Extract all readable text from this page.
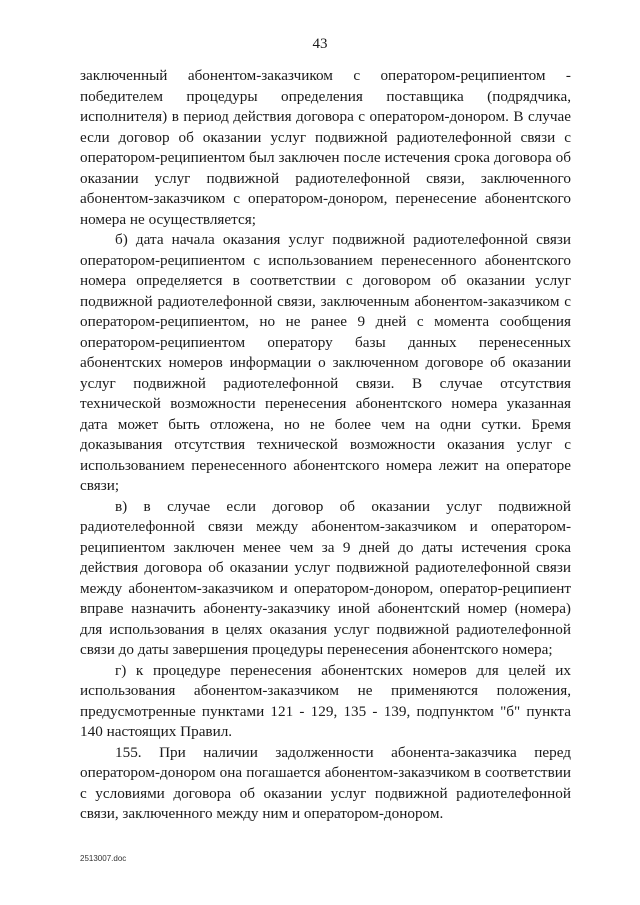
43

заключенный абонентом-заказчиком с оператором-реципиентом - победителем процедуры определения поставщика (подрядчика, исполнителя) в период действия договора с оператором-донором. В случае если договор об оказании услуг подвижной радиотелефонной связи с оператором-реципиентом был заключен после истечения срока договора об оказании услуг подвижной радиотелефонной связи, заключенного абонентом-заказчиком с оператором-донором, перенесение абонентского номера не осуществляется;

б) дата начала оказания услуг подвижной радиотелефонной связи оператором-реципиентом с использованием перенесенного абонентского номера определяется в соответствии с договором об оказании услуг подвижной радиотелефонной связи, заключенным абонентом-заказчиком с оператором-реципиентом, но не ранее 9 дней с момента сообщения оператором-реципиентом оператору базы данных перенесенных абонентских номеров информации о заключенном договоре об оказании услуг подвижной радиотелефонной связи. В случае отсутствия технической возможности перенесения абонентского номера указанная дата может быть отложена, но не более чем на одни сутки. Бремя доказывания отсутствия технической возможности оказания услуг с использованием перенесенного абонентского номера лежит на операторе связи;

в) в случае если договор об оказании услуг подвижной радиотелефонной связи между абонентом-заказчиком и оператором-реципиентом заключен менее чем за 9 дней до даты истечения срока действия договора об оказании услуг подвижной радиотелефонной связи между абонентом-заказчиком и оператором-донором, оператор-реципиент вправе назначить абоненту-заказчику иной абонентский номер (номера) для использования в целях оказания услуг подвижной радиотелефонной связи до даты завершения процедуры перенесения абонентского номера;

г) к процедуре перенесения абонентских номеров для целей их использования абонентом-заказчиком не применяются положения, предусмотренные пунктами 121 - 129, 135 - 139, подпунктом "б" пункта 140 настоящих Правил.

155. При наличии задолженности абонента-заказчика перед оператором-донором она погашается абонентом-заказчиком в соответствии с условиями договора об оказании услуг подвижной радиотелефонной связи, заключенного между ним и оператором-донором.

2513007.doc
